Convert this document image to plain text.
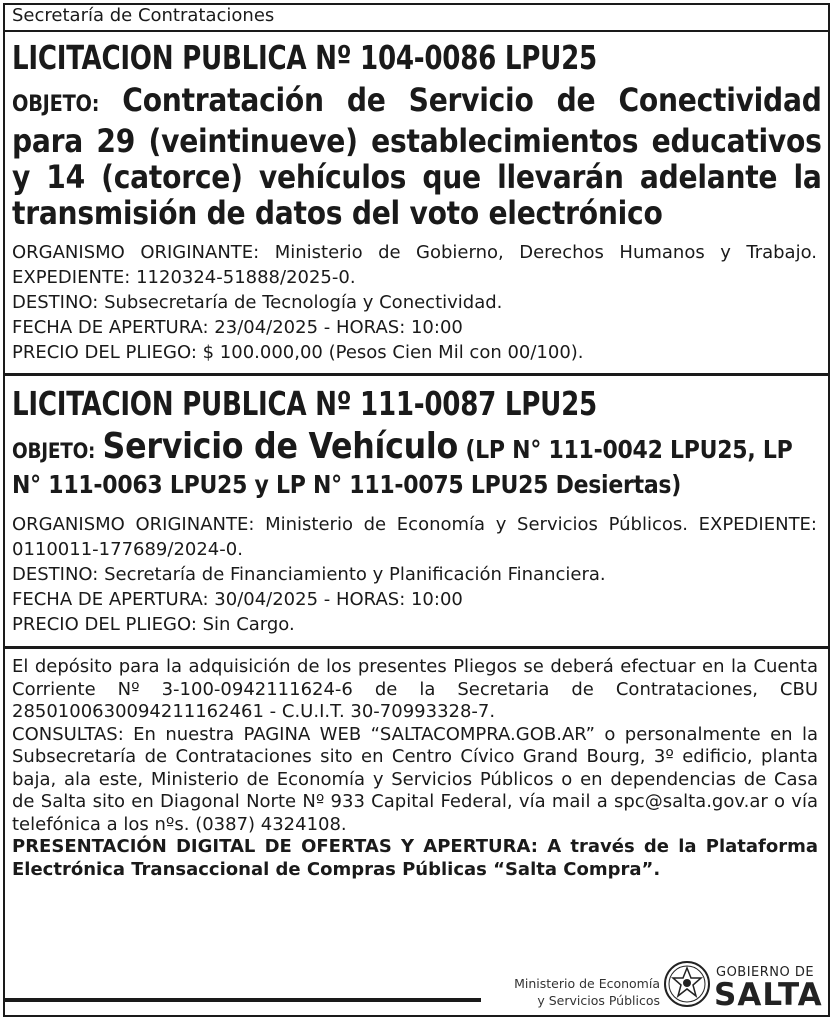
Secretaría de Contrataciones
LICITACION PUBLICA Nº 104-0086 LPU25
OBJETO: Contratación de Servicio de Conectividad para 29 (veintinueve) establecimientos educativos y 14 (catorce) vehículos que llevarán adelante la transmisión de datos del voto electrónico

ORGANISMO ORIGINANTE: Ministerio de Gobierno, Derechos Humanos y Trabajo. EXPEDIENTE: 1120324-51888/2025-0.

DESTINO: Subsecretaría de Tecnología y Conectividad.

FECHA DE APERTURA: 23/04/2025 - HORAS: 10:00

PRECIO DEL PLIEGO: $ 100.000,00 (Pesos Cien Mil con 00/100).

LICITACION PUBLICA Nº 111-0087 LPU25
OBJETO: Servicio de Vehículo (LP N° 111-0042 LPU25, LP N° 111-0063 LPU25 y LP N° 111-0075 LPU25 Desiertas)

ORGANISMO ORIGINANTE: Ministerio de Economía y Servicios Públicos. EXPEDIENTE: 0110011-177689/2024-0.

DESTINO: Secretaría de Financiamiento y Planificación Financiera.

FECHA DE APERTURA: 30/04/2025 - HORAS: 10:00

PRECIO DEL PLIEGO: Sin Cargo.

El depósito para la adquisición de los presentes Pliegos se deberá efectuar en la Cuenta Corriente Nº 3-100-0942111624-6 de la Secretaria de Contrataciones, CBU 2850100630094211162461 - C.U.I.T. 30-70993328-7.

CONSULTAS: En nuestra PAGINA WEB “SALTACOMPRA.GOB.AR” o personalmente en la Subsecretaría de Contrataciones sito en Centro Cívico Grand Bourg, 3º edificio, planta baja, ala este, Ministerio de Economía y Servicios Públicos o en dependencias de Casa de Salta sito en Diagonal Norte Nº 933 Capital Federal, vía mail a spc@salta.gov.ar o vía telefónica a los nºs. (0387) 4324108.

PRESENTACIÓN DIGITAL DE OFERTAS Y APERTURA: A través de la Plataforma Electrónica Transaccional de Compras Públicas “Salta Compra”.

Ministerio de Economía
y Servicios Públicos
GOBIERNO DE
SALTA
